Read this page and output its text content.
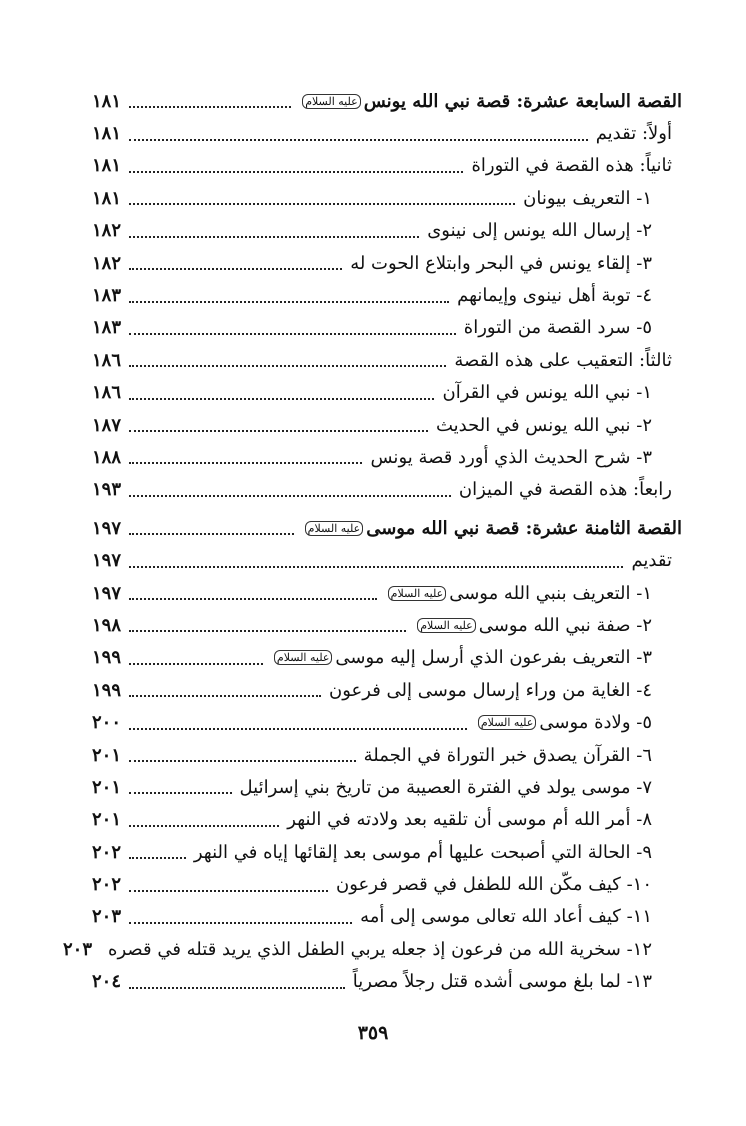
القصة السابعة عشرة: قصة نبي الله يونس
عليه السلام
١٨١
أولاً: تقديم
١٨١
ثانياً: هذه القصة في التوراة
١٨١
١- التعريف بيونان
١٨١
٢- إرسال الله يونس إلى نينوى
١٨٢
٣- إلقاء يونس في البحر وابتلاع الحوت له
١٨٢
٤- توبة أهل نينوى وإيمانهم
١٨٣
٥- سرد القصة من التوراة
١٨٣
ثالثاً: التعقيب على هذه القصة
١٨٦
١- نبي الله يونس في القرآن
١٨٦
٢- نبي الله يونس في الحديث
١٨٧
٣- شرح الحديث الذي أورد قصة يونس
١٨٨
رابعاً: هذه القصة في الميزان
١٩٣
القصة الثامنة عشرة: قصة نبي الله موسى
عليه السلام
١٩٧
تقديم
١٩٧
١- التعريف بنبي الله موسى
عليه السلام
١٩٧
٢- صفة نبي الله موسى
عليه السلام
١٩٨
٣- التعريف بفرعون الذي أرسل إليه موسى
عليه السلام
١٩٩
٤- الغاية من وراء إرسال موسى إلى فرعون
١٩٩
٥- ولادة موسى
عليه السلام
٢٠٠
٦- القرآن يصدق خبر التوراة في الجملة
٢٠١
٧- موسى يولد في الفترة العصيبة من تاريخ بني إسرائيل
٢٠١
٨- أمر الله أم موسى أن تلقيه بعد ولادته في النهر
٢٠١
٩- الحالة التي أصبحت عليها أم موسى بعد إلقائها إياه في النهر
٢٠٢
١٠- كيف مكّن الله للطفل في قصر فرعون
٢٠٢
١١- كيف أعاد الله تعالى موسى إلى أمه
٢٠٣
١٢- سخرية الله من فرعون إذ جعله يربي الطفل الذي يريد قتله في قصره
٢٠٣
١٣- لما بلغ موسى أشده قتل رجلاً مصرياً
٢٠٤
٣٥٩
